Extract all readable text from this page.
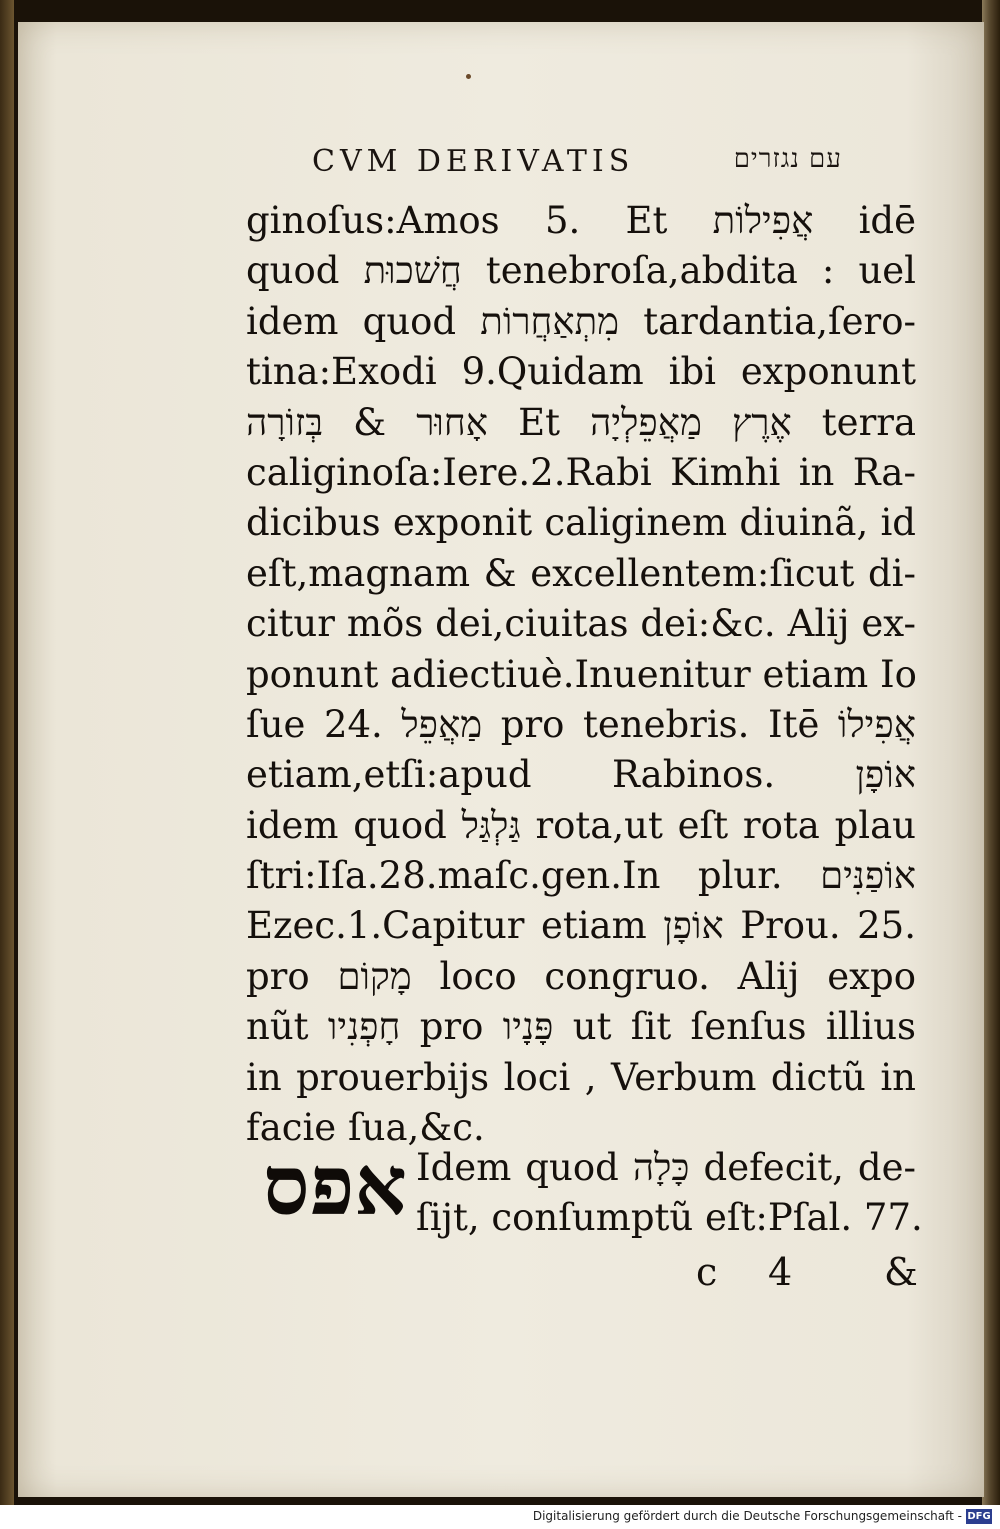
CVM DERIVATIS	עם נגזרים
ginoſus:Amos 5. Et אֲפִילוֹת idē
quod חֲשׁכוּת tenebroſa,abdita : uel
idem quod מִתְאַחֲרוֹת tardantia,ſero-
tina:Exodi 9.Quidam ibi exponunt
אָחוּר & בְּזוֹרָה Et אֶרֶץ מַאֲפֵלְיָה terra
caliginoſa:Iere.2.Rabi Kimhi in Ra-
dicibus exponit caliginem diuinã, id
eſt,magnam & excellentem:ſicut di-
citur mõs dei,ciuitas dei:&c. Alij ex-
ponunt adiectiuè.Inuenitur etiam Io
ſue 24. מַאֲפֵל pro tenebris. Itē אֲפִילוֹ
etiam,etſi:apud Rabinos. אוֹפָן
idem quod גַּלְגַּל rota,ut eſt rota plau
ſtri:Iſa.28.maſc.gen.In plur. אוֹפַנִּים
Ezec.1.Capitur etiam אוֹפָן Prou. 25.
pro מָקוֹם loco congruo. Alij expo
nũt חָפְנִיו pro פָּנָיו ut ſit ſenſus illius
in prouerbijs loci , Verbum dictũ in
facie ſua,&c.
אפס Idem quod כָּלָה defecit, de-
ſijt, conſumptũ eſt:Pſal. 77.
c 4 &
Digitalisierung gefördert durch die Deutsche Forschungsgemeinschaft - DFG
